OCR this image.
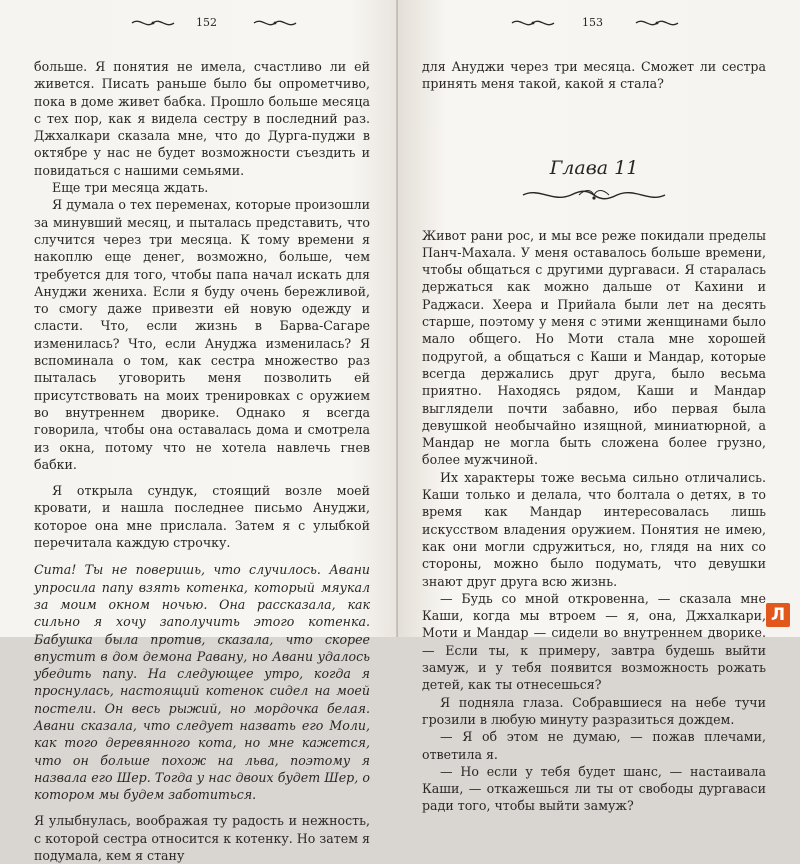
152

больше. Я понятия не имела, счастливо ли ей живется. Писать раньше было бы опрометчиво, пока в доме живет бабка. Прошло больше месяца с тех пор, как я видела сестру в последний раз. Джхалкари сказала мне, что до Дурга-пуджи в октябре у нас не будет возможности съездить и повидаться с нашими семьями.

Еще три месяца ждать.

Я думала о тех переменах, которые произошли за минувший месяц, и пыталась представить, что случится через три месяца. К тому времени я накоплю еще денег, возможно, больше, чем требуется для того, чтобы папа начал искать для Ануджи жениха. Если я буду очень бережливой, то смогу даже привезти ей новую одежду и сласти. Что, если жизнь в Барва-Сагаре изменилась? Что, если Ануджа изменилась? Я вспоминала о том, как сестра множество раз пыталась уговорить меня позволить ей присутствовать на моих тренировках с оружием во внутреннем дворике. Однако я всегда говорила, чтобы она оставалась дома и смотрела из окна, потому что не хотела навлечь гнев бабки.

Я открыла сундук, стоящий возле моей кровати, и нашла последнее письмо Ануджи, которое она мне прислала. Затем я с улыбкой перечитала каждую строчку.

Сита! Ты не поверишь, что случилось. Авани упросила папу взять котенка, который мяукал за моим окном ночью. Она рассказала, как сильно я хочу заполучить этого котенка. Бабушка была против, сказала, что скорее впустит в дом демона Равану, но Авани удалось убедить папу. На следующее утро, когда я проснулась, настоящий котенок сидел на моей постели. Он весь рыжий, но мордочка белая. Авани сказала, что следует назвать его Моли, как того деревянного кота, но мне кажется, что он больше похож на льва, поэтому я назвала его Шер. Тогда у нас двоих будет Шер, о котором мы будем заботиться.

Я улыбнулась, воображая ту радость и нежность, с которой сестра относится к котенку. Но затем я подумала, кем я стану

153

для Ануджи через три месяца. Сможет ли сестра принять меня такой, какой я стала?

Глава 11

Живот рани рос, и мы все реже покидали пределы Панч-Махала. У меня оставалось больше времени, чтобы общаться с другими дургаваси. Я старалась держаться как можно дальше от Кахини и Раджаси. Хеера и Прийала были лет на десять старше, поэтому у меня с этими женщинами было мало общего. Но Моти стала мне хорошей подругой, а общаться с Каши и Мандар, которые всегда держались друг друга, было весьма приятно. Находясь рядом, Каши и Мандар выглядели почти забавно, ибо первая была девушкой необычайно изящной, миниатюрной, а Мандар не могла быть сложена более грузно, более мужчиной.

Их характеры тоже весьма сильно отличались. Каши только и делала, что болтала о детях, в то время как Мандар интересовалась лишь искусством владения оружием. Понятия не имею, как они могли сдружиться, но, глядя на них со стороны, можно было подумать, что девушки знают друг друга всю жизнь.

— Будь со мной откровенна, — сказала мне Каши, когда мы втроем — я, она, Джхалкари, Моти и Мандар — сидели во внутреннем дворике. — Если ты, к примеру, завтра будешь выйти замуж, и у тебя появится возможность рожать детей, как ты отнесешься?

Я подняла глаза. Собравшиеся на небе тучи грозили в любую минуту разразиться дождем.

— Я об этом не думаю, — пожав плечами, ответила я.

— Но если у тебя будет шанс, — настаивала Каши, — откажешься ли ты от свободы дургаваси ради того, чтобы выйти замуж?

Л
